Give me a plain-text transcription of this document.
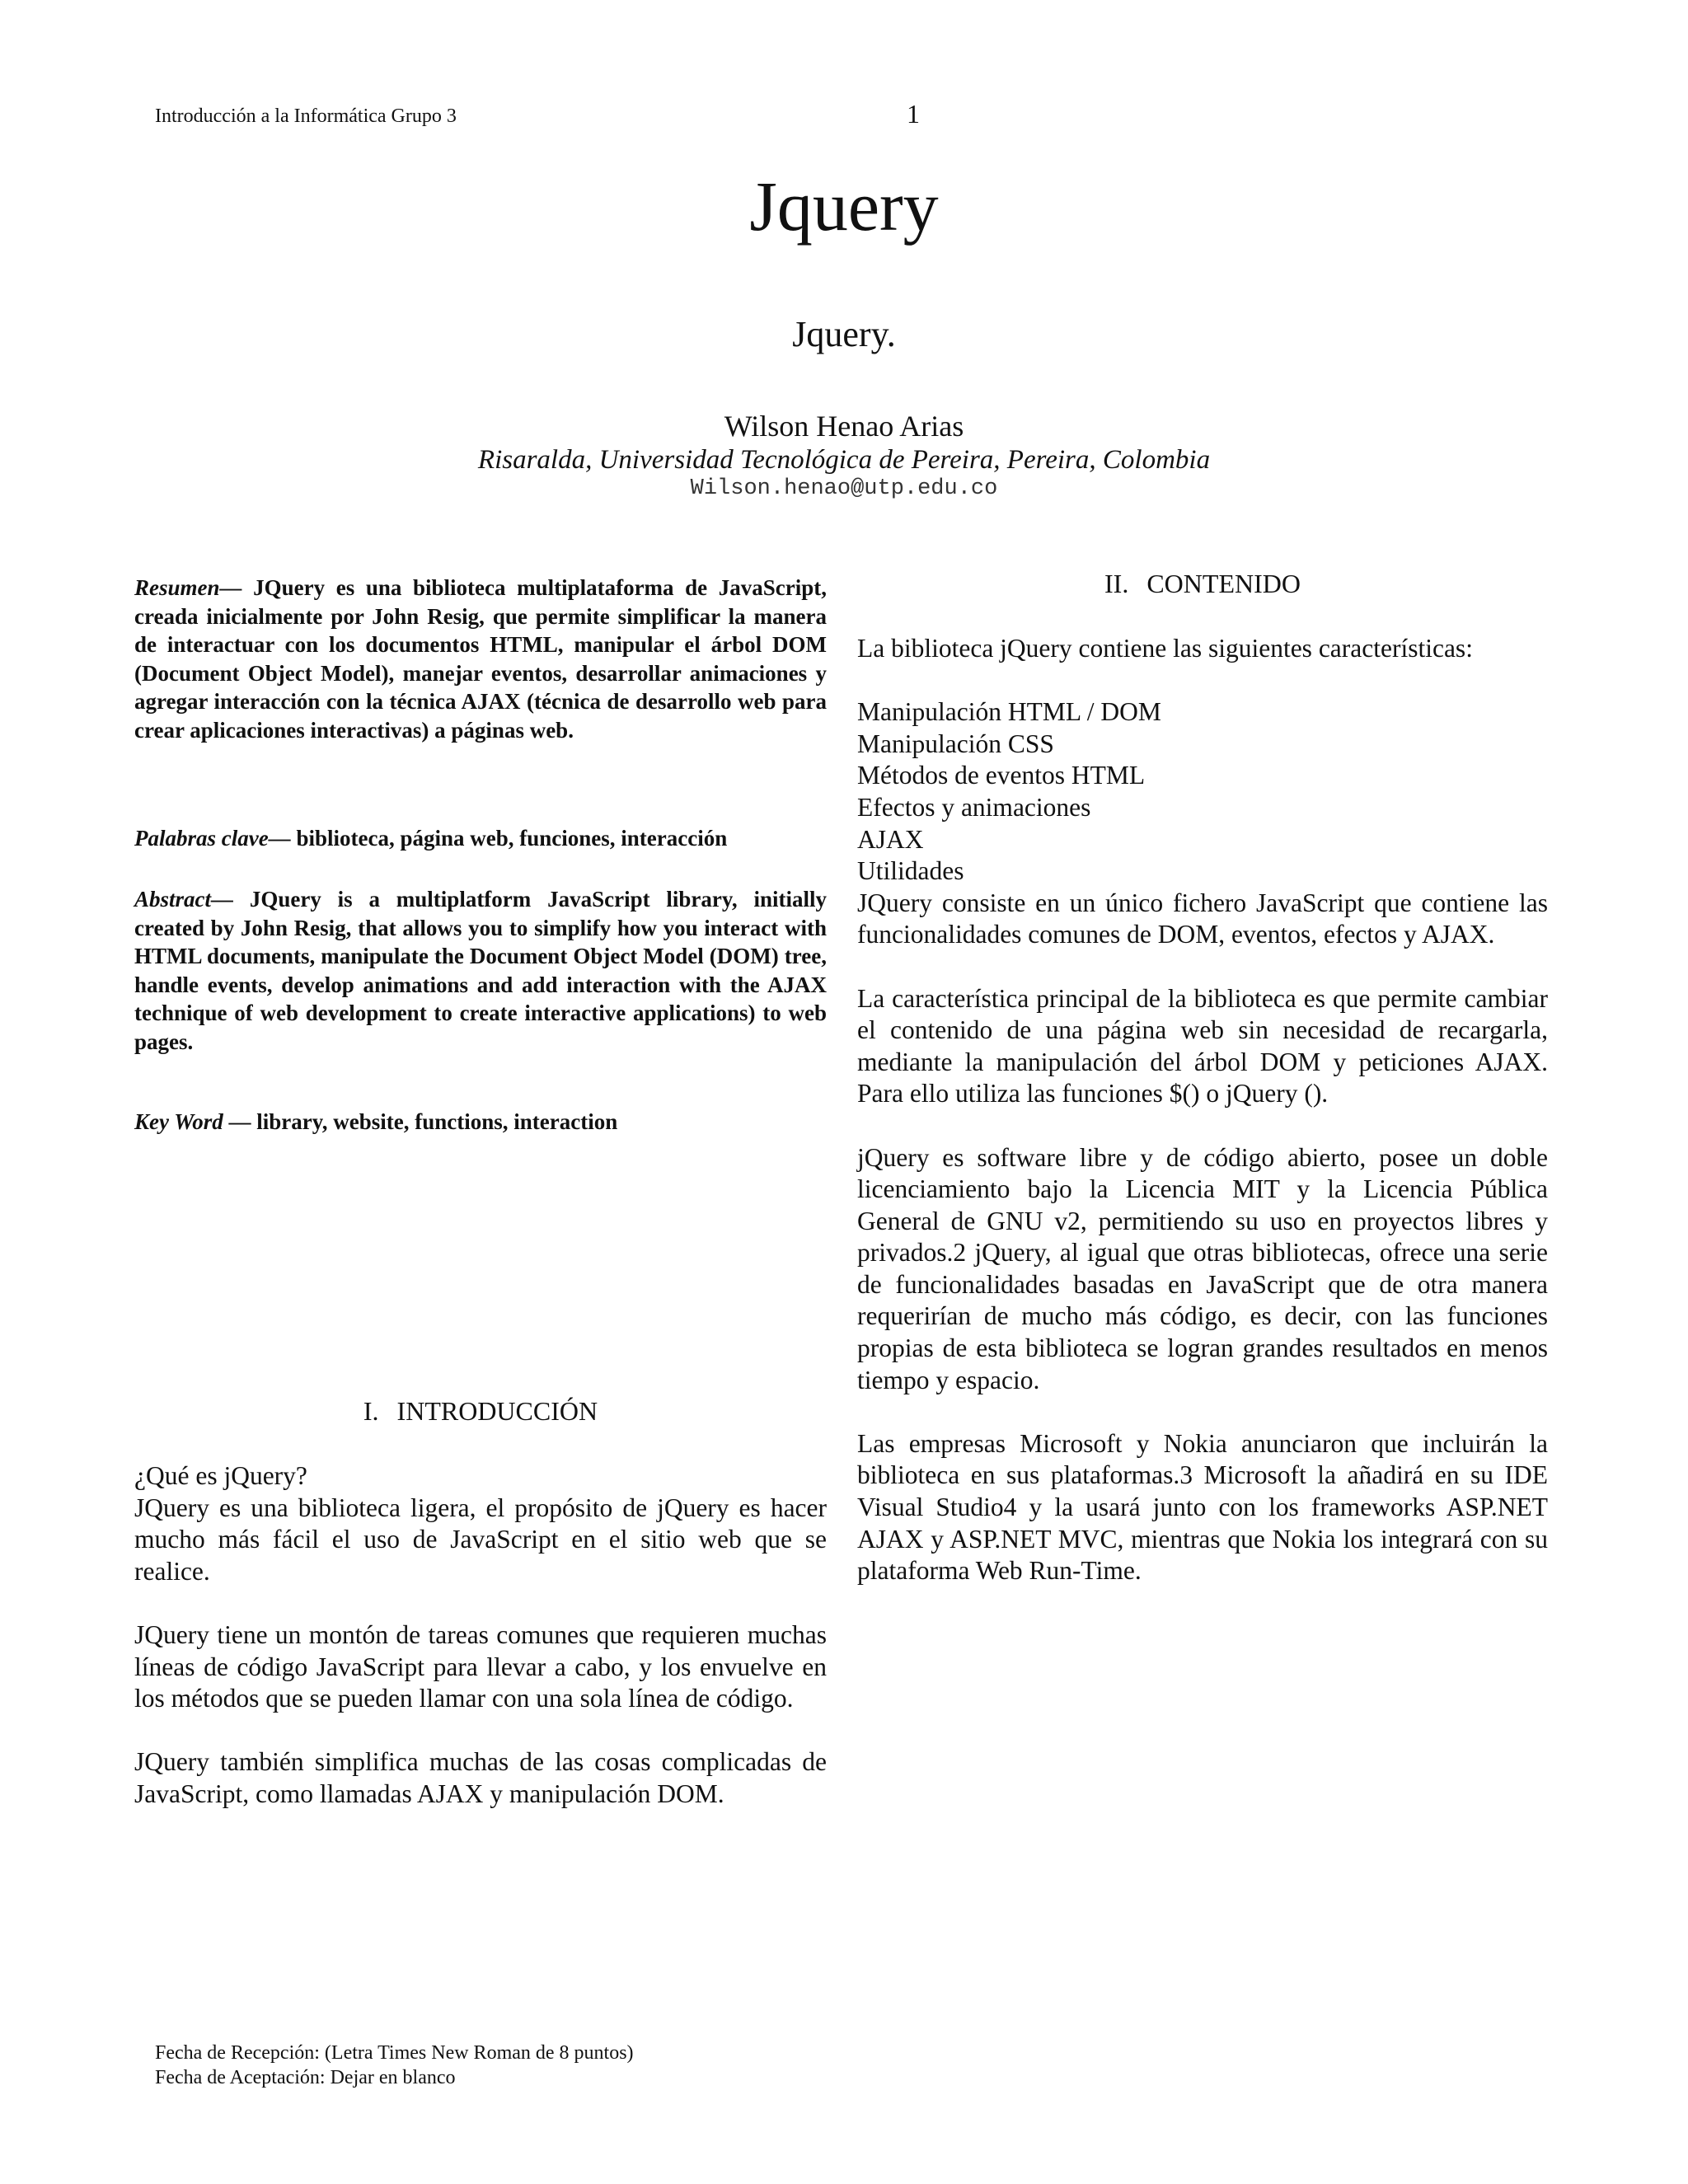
Introducción a la Informática Grupo 3	1
Jquery
Jquery.
Wilson Henao Arias
Risaralda, Universidad Tecnológica de Pereira, Pereira, Colombia
Wilson.henao@utp.edu.co
Resumen— JQuery es una biblioteca multiplataforma de JavaScript, creada inicialmente por John Resig, que permite simplificar la manera de interactuar con los documentos HTML, manipular el árbol DOM (Document Object Model), manejar eventos, desarrollar animaciones y agregar interacción con la técnica AJAX (técnica de desarrollo web para crear aplicaciones interactivas) a páginas web.
Palabras clave— biblioteca, página web, funciones, interacción
Abstract— JQuery is a multiplatform JavaScript library, initially created by John Resig, that allows you to simplify how you interact with HTML documents, manipulate the Document Object Model (DOM) tree, handle events, develop animations and add interaction with the AJAX technique of web development to create interactive applications) to web pages.
Key Word — library, website, functions, interaction
I. INTRODUCCIÓN

¿Qué es jQuery?

JQuery es una biblioteca ligera, el propósito de jQuery es hacer mucho más fácil el uso de JavaScript en el sitio web que se realice.

JQuery tiene un montón de tareas comunes que requieren muchas líneas de código JavaScript para llevar a cabo, y los envuelve en los métodos que se pueden llamar con una sola línea de código.

JQuery también simplifica muchas de las cosas complicadas de JavaScript, como llamadas AJAX y manipulación DOM.

II. CONTENIDO

La biblioteca jQuery contiene las siguientes características:

Manipulación HTML / DOM

Manipulación CSS

Métodos de eventos HTML

Efectos y animaciones

AJAX

Utilidades

JQuery consiste en un único fichero JavaScript que contiene las funcionalidades comunes de DOM, eventos, efectos y AJAX.

La característica principal de la biblioteca es que permite cambiar el contenido de una página web sin necesidad de recargarla, mediante la manipulación del árbol DOM y peticiones AJAX. Para ello utiliza las funciones $() o jQuery ().

jQuery es software libre y de código abierto, posee un doble licenciamiento bajo la Licencia MIT y la Licencia Pública General de GNU v2, permitiendo su uso en proyectos libres y privados.2 jQuery, al igual que otras bibliotecas, ofrece una serie de funcionalidades basadas en JavaScript que de otra manera requerirían de mucho más código, es decir, con las funciones propias de esta biblioteca se logran grandes resultados en menos tiempo y espacio.

Las empresas Microsoft y Nokia anunciaron que incluirán la biblioteca en sus plataformas.3 Microsoft la añadirá en su IDE Visual Studio4 y la usará junto con los frameworks ASP.NET AJAX y ASP.NET MVC, mientras que Nokia los integrará con su plataforma Web Run-Time.

Fecha de Recepción: (Letra Times New Roman de 8 puntos)
Fecha de Aceptación: Dejar en blanco
